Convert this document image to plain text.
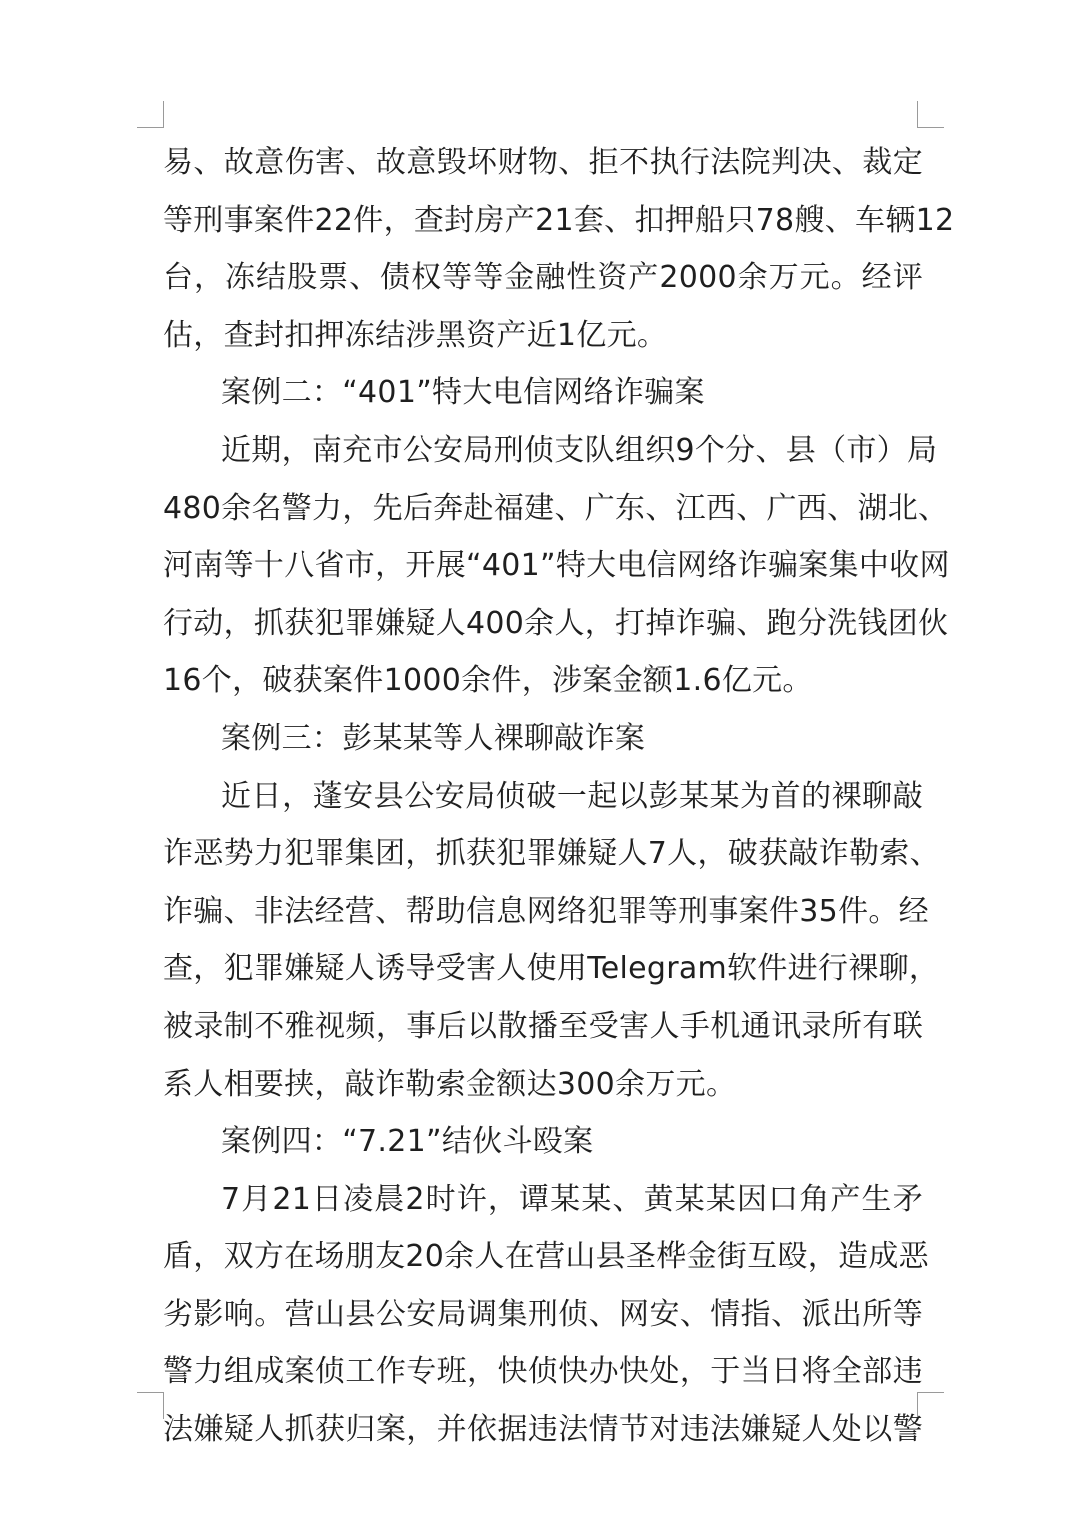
易、故意伤害、故意毁坏财物、拒不执行法院判决、裁定
等刑事案件22件，查封房产21套、扣押船只78艘、车辆12
台，冻结股票、债权等等金融性资产2000余万元。经评
估，查封扣押冻结涉黑资产近1亿元。
案例二：“401”特大电信网络诈骗案
近期，南充市公安局刑侦支队组织9个分、县（市）局
480余名警力，先后奔赴福建、广东、江西、广西、湖北、
河南等十八省市，开展“401”特大电信网络诈骗案集中收网
行动，抓获犯罪嫌疑人400余人，打掉诈骗、跑分洗钱团伙
16个，破获案件1000余件，涉案金额1.6亿元。
案例三：彭某某等人裸聊敲诈案
近日，蓬安县公安局侦破一起以彭某某为首的裸聊敲
诈恶势力犯罪集团，抓获犯罪嫌疑人7人，破获敲诈勒索、
诈骗、非法经营、帮助信息网络犯罪等刑事案件35件。经
查，犯罪嫌疑人诱导受害人使用Telegram软件进行裸聊，
被录制不雅视频，事后以散播至受害人手机通讯录所有联
系人相要挟，敲诈勒索金额达300余万元。
案例四：“7.21”结伙斗殴案
7月21日凌晨2时许，谭某某、黄某某因口角产生矛
盾，双方在场朋友20余人在营山县圣桦金街互殴，造成恶
劣影响。营山县公安局调集刑侦、网安、情指、派出所等
警力组成案侦工作专班，快侦快办快处，于当日将全部违
法嫌疑人抓获归案，并依据违法情节对违法嫌疑人处以警
